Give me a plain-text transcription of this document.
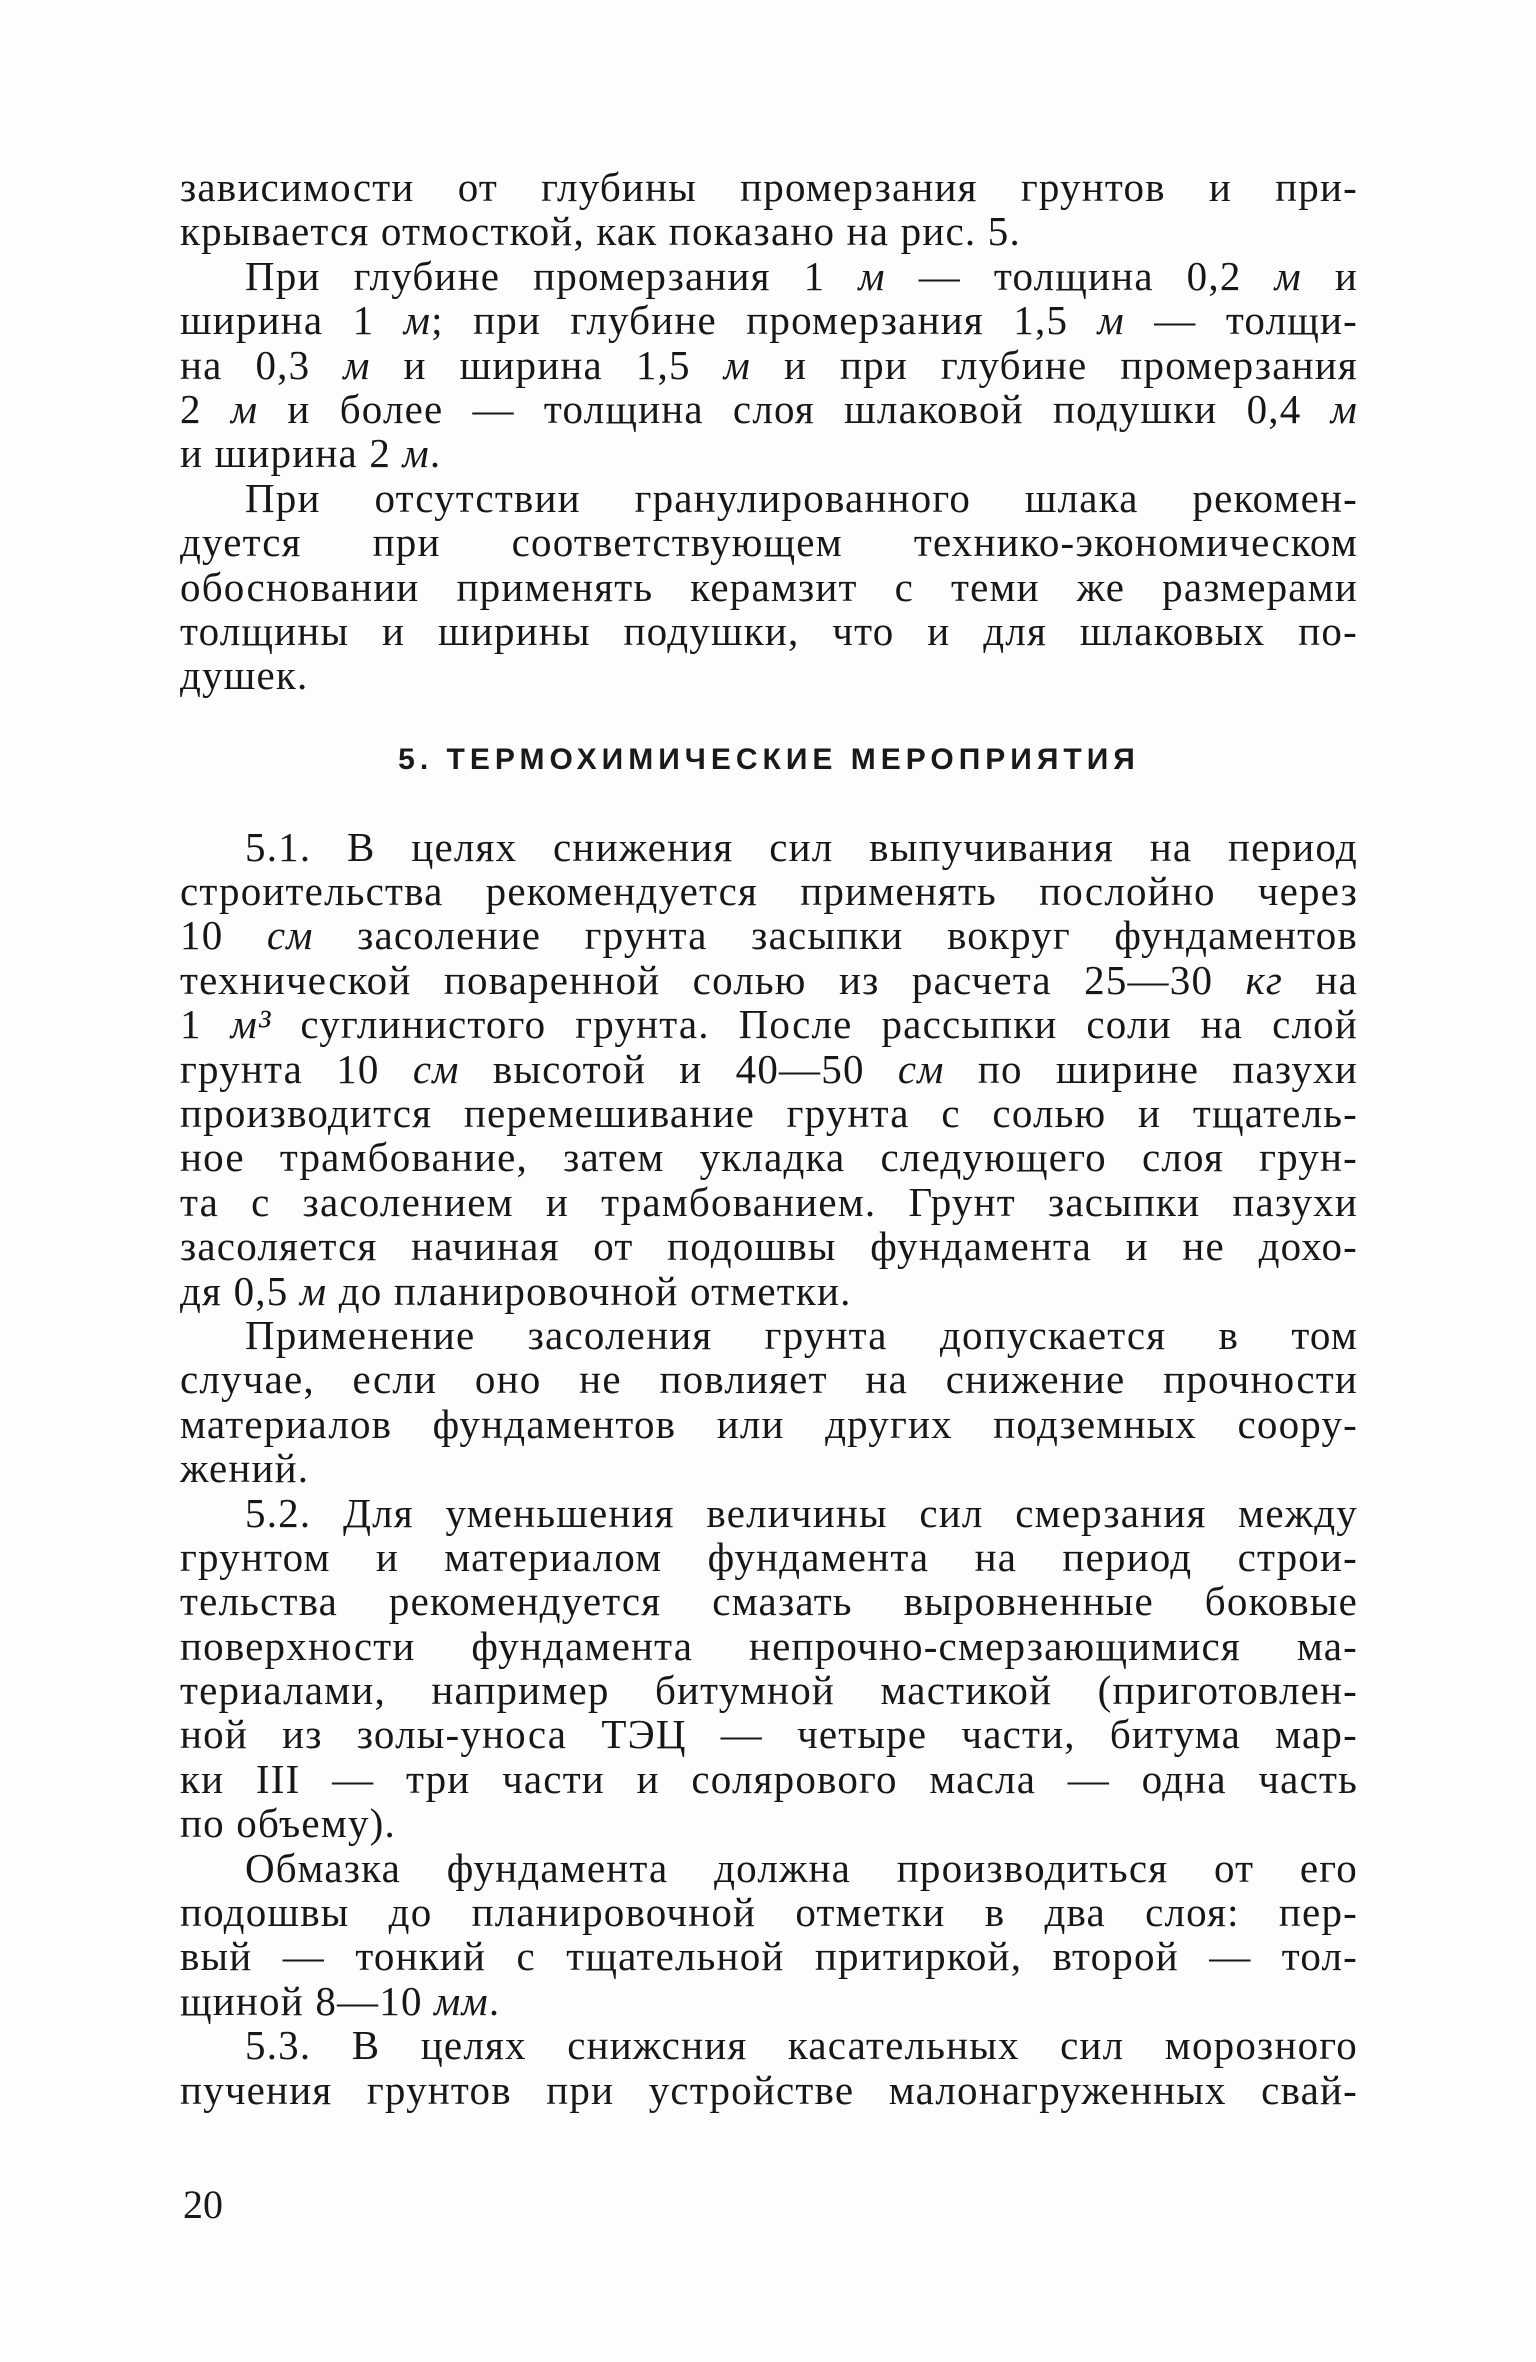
зависимости от глубины промерзания грунтов и при-
крывается отмосткой, как показано на рис. 5.
При глубине промерзания 1 м — толщина 0,2 м и
ширина 1 м; при глубине промерзания 1,5 м — толщи-
на 0,3 м и ширина 1,5 м и при глубине промерзания
2 м и более — толщина слоя шлаковой подушки 0,4 м
и ширина 2 м.
При отсутствии гранулированного шлака рекомен-
дуется при соответствующем технико-экономическом
обосновании применять керамзит с теми же размерами
толщины и ширины подушки, что и для шлаковых по-
душек.
5. ТЕРМОХИМИЧЕСКИЕ МЕРОПРИЯТИЯ
5.1. В целях снижения сил выпучивания на период
строительства рекомендуется применять послойно через
10 см засоление грунта засыпки вокруг фундаментов
технической поваренной солью из расчета 25—30 кг на
1 м³ суглинистого грунта. После рассыпки соли на слой
грунта 10 см высотой и 40—50 см по ширине пазухи
производится перемешивание грунта с солью и тщатель-
ное трамбование, затем укладка следующего слоя грун-
та с засолением и трамбованием. Грунт засыпки пазухи
засоляется начиная от подошвы фундамента и не дохо-
дя 0,5 м до планировочной отметки.
Применение засоления грунта допускается в том
случае, если оно не повлияет на снижение прочности
материалов фундаментов или других подземных соору-
жений.
5.2. Для уменьшения величины сил смерзания между
грунтом и материалом фундамента на период строи-
тельства рекомендуется смазать выровненные боковые
поверхности фундамента непрочно-смерзающимися ма-
териалами, например битумной мастикой (приготовлен-
ной из золы-уноса ТЭЦ — четыре части, битума мар-
ки III — три части и солярового масла — одна часть
по объему).
Обмазка фундамента должна производиться от его
подошвы до планировочной отметки в два слоя: пер-
вый — тонкий с тщательной притиркой, второй — тол-
щиной 8—10 мм.
5.3. В целях снижсния касательных сил морозного
пучения грунтов при устройстве малонагруженных свай-
20
